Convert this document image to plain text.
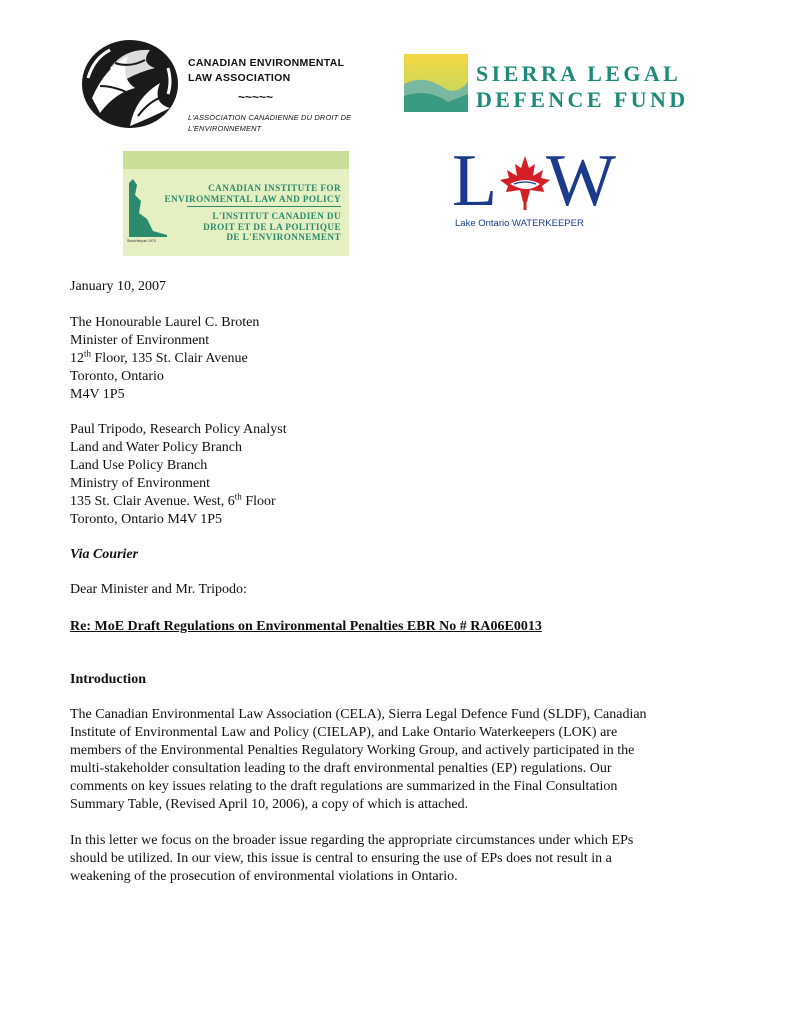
CANADIAN ENVIRONMENTAL
LAW ASSOCIATION
~~~~~
L'ASSOCIATION CANADIENNE DU DROIT DE
L'ENVIRONNEMENT
SIERRA LEGAL
DEFENCE FUND
Since/depuis 1970
CANADIAN INSTITUTE FOR
ENVIRONMENTAL LAW AND POLICY
L'INSTITUT CANADIEN DU
DROIT ET DE LA POLITIQUE
DE L'ENVIRONNEMENT
L W
Lake Ontario WATERKEEPER
January 10, 2007
The Honourable Laurel C. Broten
Minister of Environment
12th Floor, 135 St. Clair Avenue
Toronto, Ontario
M4V 1P5
Paul Tripodo, Research Policy Analyst
Land and Water Policy Branch
Land Use Policy Branch
Ministry of Environment
135 St. Clair Avenue. West, 6th Floor
Toronto, Ontario M4V 1P5
Via Courier
Dear Minister and Mr. Tripodo:
Re: MoE Draft Regulations on Environmental Penalties EBR No # RA06E0013
Introduction
The Canadian Environmental Law Association (CELA), Sierra Legal Defence Fund (SLDF), Canadian
Institute of Environmental Law and Policy (CIELAP), and Lake Ontario Waterkeepers (LOK) are
members of the Environmental Penalties Regulatory Working Group, and actively participated in the
multi-stakeholder consultation leading to the draft environmental penalties (EP) regulations. Our
comments on key issues relating to the draft regulations are summarized in the Final Consultation
Summary Table, (Revised April 10, 2006), a copy of which is attached.
In this letter we focus on the broader issue regarding the appropriate circumstances under which EPs
should be utilized. In our view, this issue is central to ensuring the use of EPs does not result in a
weakening of the prosecution of environmental violations in Ontario.
